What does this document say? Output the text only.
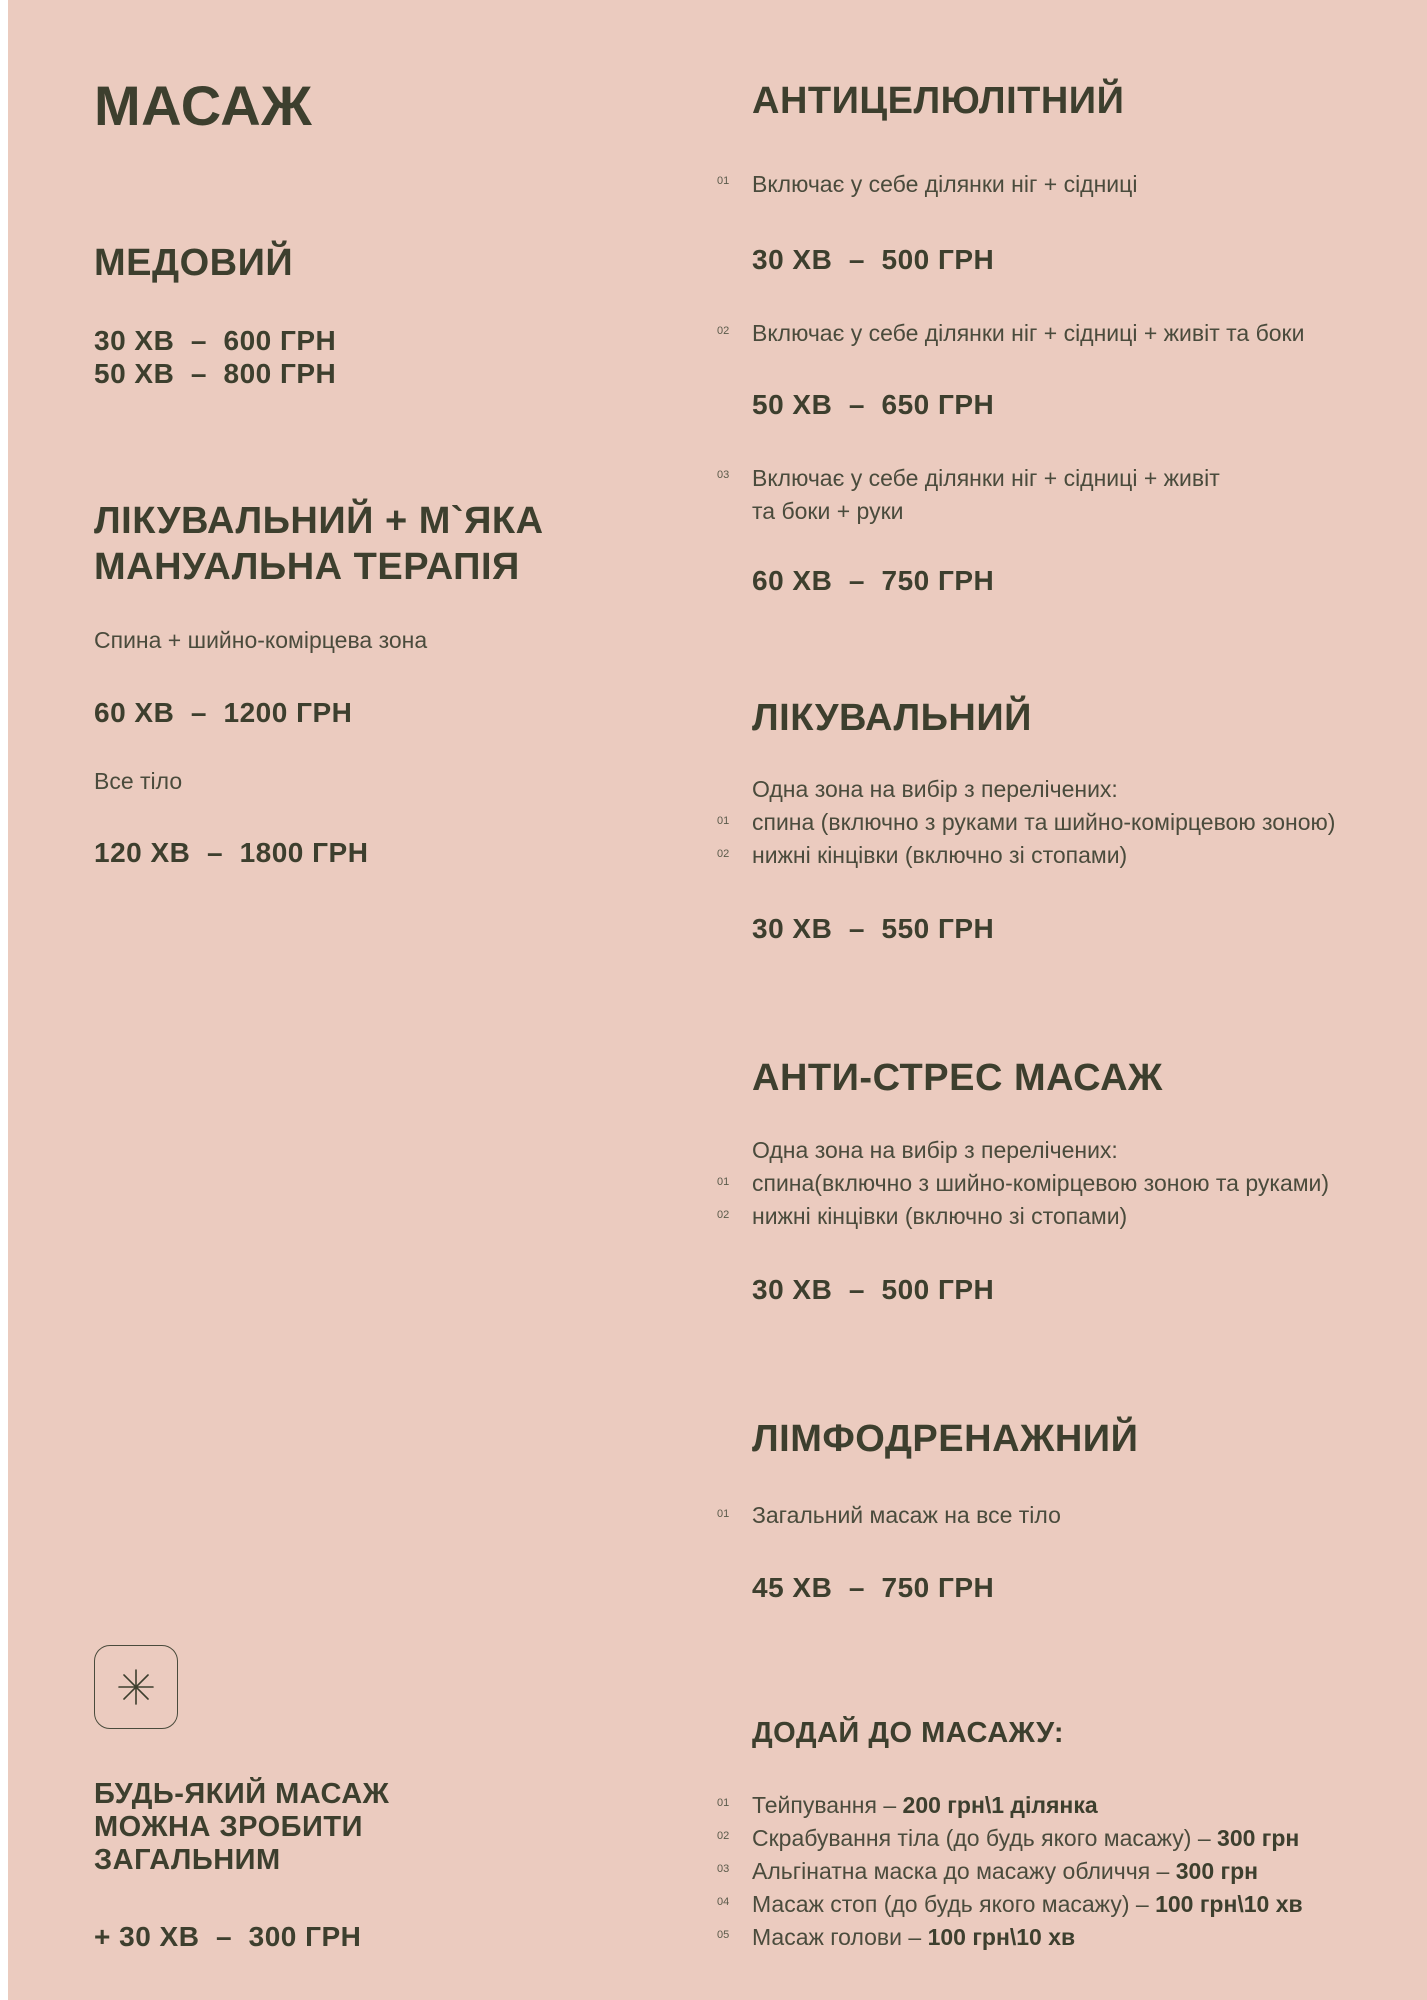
МАСАЖ
МЕДОВИЙ
30 ХВ  –  600 ГРН
50 ХВ  –  800 ГРН
ЛІКУВАЛЬНИЙ + М`ЯКА
МАНУАЛЬНА ТЕРАПІЯ
Спина + шийно-комірцева зона
60 ХВ  –  1200 ГРН
Все тіло
120 ХВ  –  1800 ГРН
БУДЬ-ЯКИЙ МАСАЖ
МОЖНА ЗРОБИТИ
ЗАГАЛЬНИМ
+ 30 ХВ  –  300 ГРН
АНТИЦЕЛЮЛІТНИЙ
01 Включає у себе ділянки ніг + сідниці
30 ХВ  –  500 ГРН
02 Включає у себе ділянки ніг + сідниці + живіт та боки
50 ХВ  –  650 ГРН
03 Включає у себе ділянки ніг + сідниці + живіт
та боки + руки
60 ХВ  –  750 ГРН
ЛІКУВАЛЬНИЙ
Одна зона на вибір з перелічених:
01 спина (включно з руками та шийно-комірцевою зоною)
02 нижні кінцівки (включно зі стопами)
30 ХВ  –  550 ГРН
АНТИ-СТРЕС МАСАЖ
Одна зона на вибір з перелічених:
01 спина(включно з шийно-комірцевою зоною та руками)
02 нижні кінцівки (включно зі стопами)
30 ХВ  –  500 ГРН
ЛІМФОДРЕНАЖНИЙ
01 Загальний масаж на все тіло
45 ХВ  –  750 ГРН
ДОДАЙ ДО МАСАЖУ:
01 Тейпування – 200 грн\1 ділянка
02 Скрабування тіла (до будь якого масажу) – 300 грн
03 Альгінатна маска до масажу обличчя – 300 грн
04 Масаж стоп (до будь якого масажу) – 100 грн\10 хв
05 Масаж голови – 100 грн\10 хв
